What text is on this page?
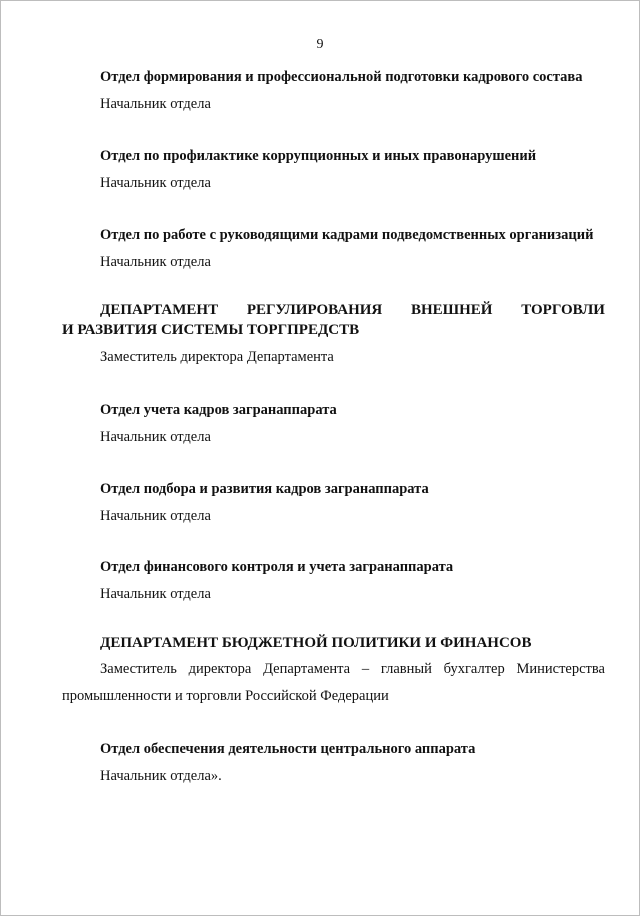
9
Отдел формирования и профессиональной подготовки кадрового состава
Начальник отдела
Отдел по профилактике коррупционных и иных правонарушений
Начальник отдела
Отдел по работе с руководящими кадрами подведомственных организаций
Начальник отдела
ДЕПАРТАМЕНТ РЕГУЛИРОВАНИЯ ВНЕШНЕЙ ТОРГОВЛИ
И РАЗВИТИЯ СИСТЕМЫ ТОРГПРЕДСТВ
Заместитель директора Департамента
Отдел учета кадров загранаппарата
Начальник отдела
Отдел подбора и развития кадров загранаппарата
Начальник отдела
Отдел финансового контроля и учета загранаппарата
Начальник отдела
ДЕПАРТАМЕНТ БЮДЖЕТНОЙ ПОЛИТИКИ И ФИНАНСОВ
Заместитель директора Департамента – главный бухгалтер Министерства
промышленности и торговли Российской Федерации
Отдел обеспечения деятельности центрального аппарата
Начальник отдела».
